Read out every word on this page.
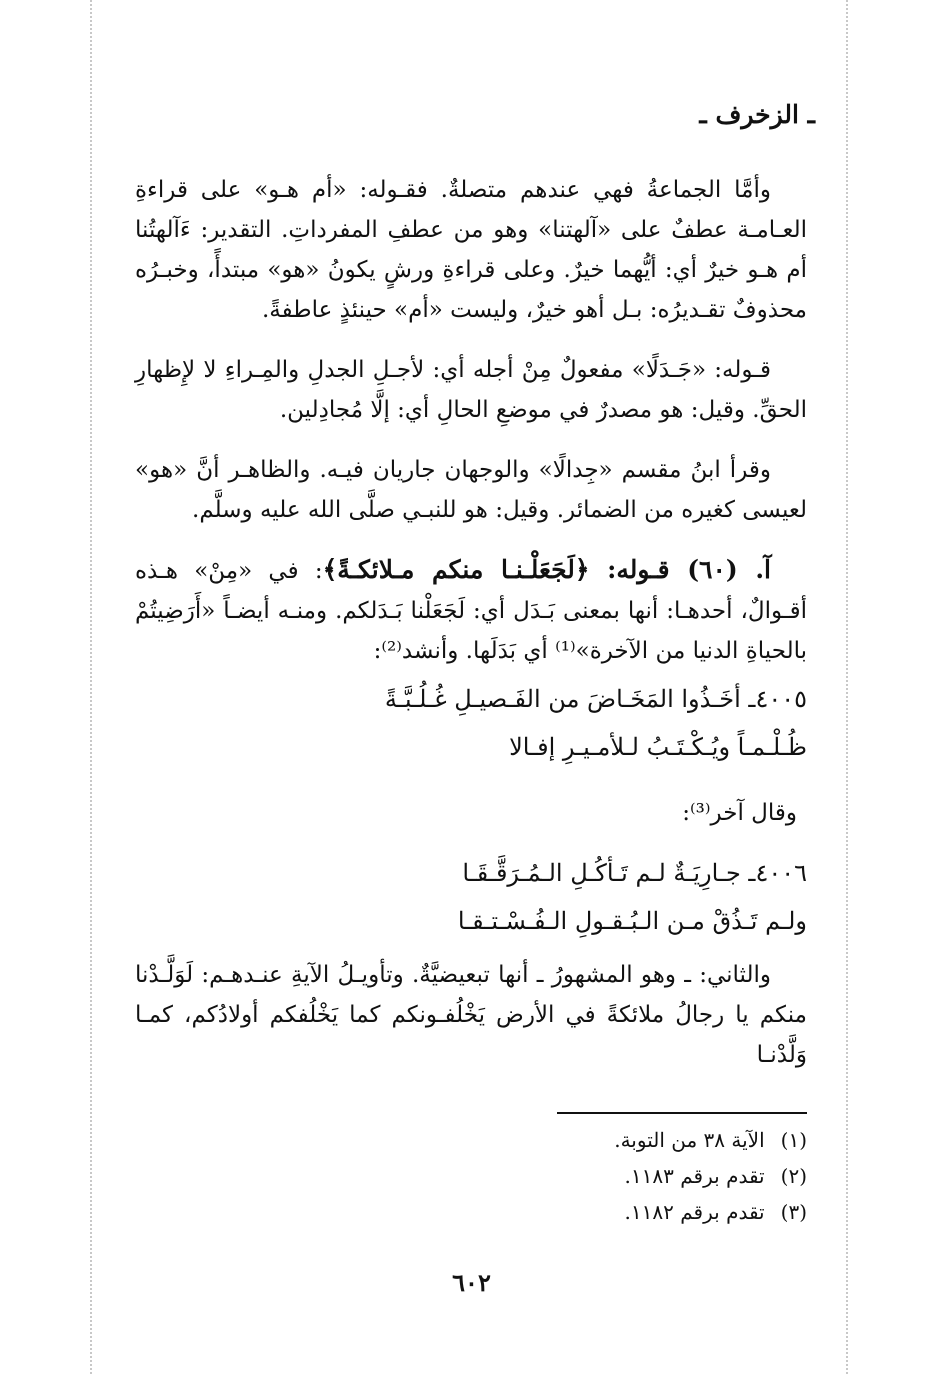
ـ الزخرف ـ

وأمَّا الجماعةُ فهي عندهم متصلةٌ. فقـوله: «أم هـو» على قراءةِ العـامـة عطفٌ على «آلهتنا» وهو من عطفِ المفرداتِ. التقدير: ءَآلهتُنا أم هـو خيرٌ أي: أيُّهما خيرٌ. وعلى قراءةِ ورشٍ يكونُ «هو» مبتدأً، وخبـرُه محذوفٌ تقـديرُه: بـل أهو خيرٌ، وليست «أم» حينئذٍ عاطفةً.

قـوله: «جَـدَلًا» مفعولٌ مِنْ أجله أي: لأجـلِ الجدلِ والمِـراءِ لا لإِظهارِ الحقِّ. وقيل: هو مصدرٌ في موضعِ الحالِ أي: إلَّا مُجادِلين.

وقرأ ابنُ مقسم «جِدالًا» والوجهان جاريان فيـه. والظاهـر أنَّ «هو» لعيسى كغيره من الضمائر. وقيل: هو للنبـي صلَّى الله عليه وسلَّم.

آ. (٦٠) قـوله: ﴿لَجَعَلْـنـا منكم مـلائكـةً﴾: في «مِنْ» هـذه أقـوالٌ، أحدهـا: أنها بمعنى بَـدَل أي: لَجَعَلْنا بَـدَلكم. ومنـه أيضـاً «أَرَضِيتُمْ بالحياةِ الدنيا من الآخرة»⁽¹⁾ أي بَدَلَها. وأنشد⁽²⁾:

٤٠٠٥ـ أخَـذُوا المَخَـاضَ من الفَـصيـلِ غُـلُـبَّـةً
ظُـلْـمـاً ويُـكْـتَـبُ لـلأمـيـرِ إفـالا

وقال آخر⁽³⁾:

٤٠٠٦ـ جـارِيَـةٌ لـم تَـأكُـلِ الـمُـرَقَّـقَـا
ولـم تَـذُقْ مـن الـبُـقـولِ الـفُـسْـتـقـا

والثاني: ـ وهو المشهورُ ـ أنها تبعيضيَّةٌ. وتأويـلُ الآيةِ عنـدهـم: لَوَلَّـدْنا منكم يا رجالُ ملائكةً في الأرض يَخْلُفـونكم كما يَخْلُفكم أولادُكم، كمـا وَلَّدْنـا

(١) الآية ٣٨ من التوبة.
(٢) تقدم برقم ١١٨٣.
(٣) تقدم برقم ١١٨٢.
٦٠٢
